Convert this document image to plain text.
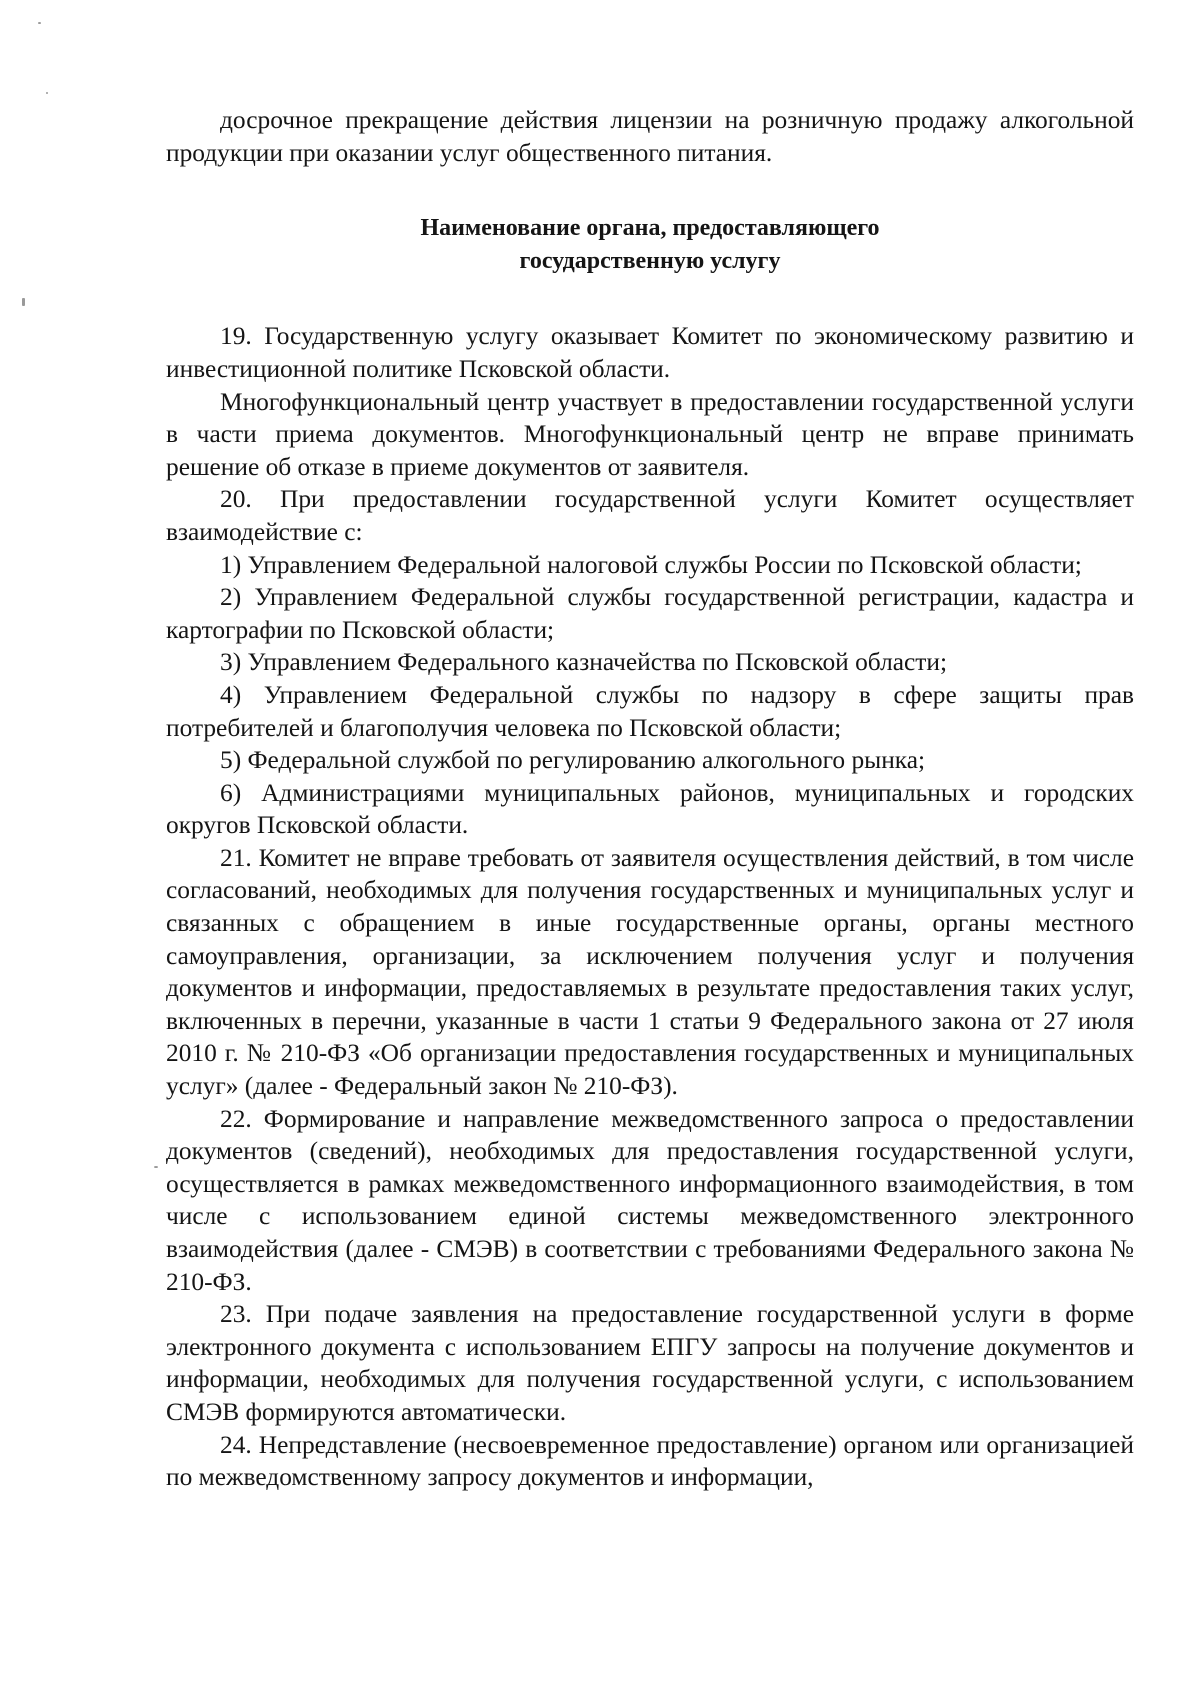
досрочное прекращение действия лицензии на розничную продажу алкогольной продукции при оказании услуг общественного питания.

Наименование органа, предоставляющего
государственную услугу

19. Государственную услугу оказывает Комитет по экономическому развитию и инвестиционной политике Псковской области.

Многофункциональный центр участвует в предоставлении государственной услуги в части приема документов. Многофункциональный центр не вправе принимать решение об отказе в приеме документов от заявителя.

20. При предоставлении государственной услуги Комитет осуществляет взаимодействие с:

1) Управлением Федеральной налоговой службы России по Псковской области;

2) Управлением Федеральной службы государственной регистрации, кадастра и картографии по Псковской области;

3) Управлением Федерального казначейства по Псковской области;

4) Управлением Федеральной службы по надзору в сфере защиты прав потребителей и благополучия человека по Псковской области;

5) Федеральной службой по регулированию алкогольного рынка;

6) Администрациями муниципальных районов, муниципальных и городских округов Псковской области.

21. Комитет не вправе требовать от заявителя осуществления действий, в том числе согласований, необходимых для получения государственных и муниципальных услуг и связанных с обращением в иные государственные органы, органы местного самоуправления, организации, за исключением получения услуг и получения документов и информации, предоставляемых в результате предоставления таких услуг, включенных в перечни, указанные в части 1 статьи 9 Федерального закона от 27 июля 2010 г. № 210-ФЗ «Об организации предоставления государственных и муниципальных услуг» (далее - Федеральный закон № 210-ФЗ).

22. Формирование и направление межведомственного запроса о предоставлении документов (сведений), необходимых для предоставления государственной услуги, осуществляется в рамках межведомственного информационного взаимодействия, в том числе с использованием единой системы межведомственного электронного взаимодействия (далее - СМЭВ) в соответствии с требованиями Федерального закона № 210-ФЗ.

23. При подаче заявления на предоставление государственной услуги в форме электронного документа с использованием ЕПГУ запросы на получение документов и информации, необходимых для получения государственной услуги, с использованием СМЭВ формируются автоматически.

24. Непредставление (несвоевременное предоставление) органом или организацией по межведомственному запросу документов и информации,
